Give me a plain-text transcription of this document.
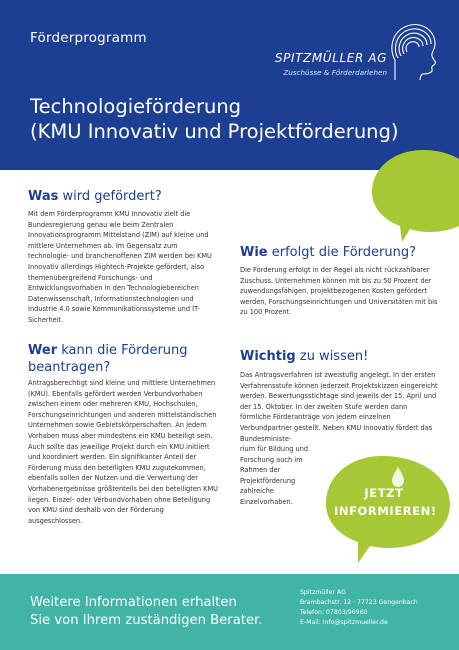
Förderprogramm
SPITZMÜLLER AG
Zuschüsse & Förderdarlehen
Technologieförderung
(KMU Innovativ und Projektförderung)
Was wird gefördert?

Mit dem Förderprogramm KMU Innovativ zielt die Bundesregierung genau wie beim Zentralen Innovationsprogramm Mittelstand (ZIM) auf kleine und mittlere Unternehmen ab. Im Gegensatz zum technologie- und branchenoffenen ZIM werden bei KMU Innovativ allerdings Hightech-Projekte gefördert, also themenübergreifend Forschungs- und Entwicklungsvorhaben in den Technologiebereichen Datenwissenschaft, Informationstechnologien und Industrie 4.0 sowie Kommunikationssysteme und IT-Sicherheit.

Wer kann die Förderung beantragen?

Antragsberechtigt sind kleine und mittlere Unternehmen (KMU). Ebenfalls gefördert werden Verbundvorhaben zwischen einem oder mehreren KMU, Hochschulen, Forschungseinrichtungen und anderen mittelständischen Unternehmen sowie Gebietskörperschaften. An jedem Vorhaben muss aber mindestens ein KMU beteiligt sein. Auch sollte das jeweilige Projekt durch ein KMU initiiert und koordiniert werden. Ein signifikanter Anteil der Förderung muss den beteiligten KMU zugutekommen, ebenfalls sollen der Nutzen und die Verwertung der Vorhabenergebnisse größtenteils bei den beteiligten KMU liegen. Einzel- oder Verbundvorhaben ohne Beteiligung von KMU sind deshalb von der Förderung ausgeschlossen.

Wie erfolgt die Förderung?

Die Förderung erfolgt in der Regel als nicht rückzahlbarer Zuschuss. Unternehmen können mit bis zu 50 Prozent der zuwendungsfähigen, projektbezogenen Kosten gefördert werden, Forschungseinrichtungen und Universitäten mit bis zu 100 Prozent.

Wichtig zu wissen!

Das Antragsverfahren ist zweistufig angelegt. In der ersten Verfahrensstufe können jederzeit Projektskizzen eingereicht werden. Bewertungsstichtage sind jeweils der 15. April und der 15. Oktober. In der zweiten Stufe werden dann förmliche Förderanträge von jedem einzelnen Verbundpartner gestellt. Neben KMU Innovativ fördert das Bundesministe-

rium für Bildung und Forschung auch im Rahmen der Projektförderung zahlreiche Einzelvorhaben.

JETZT
INFORMIEREN!
Weitere Informationen erhalten
Sie von Ihrem zuständigen Berater.
Spitzmüller AG
Brambachstr. 12 · 77723 Gengenbach
Telefon: 07803/96960
E-Mail: info@spitzmueller.de
